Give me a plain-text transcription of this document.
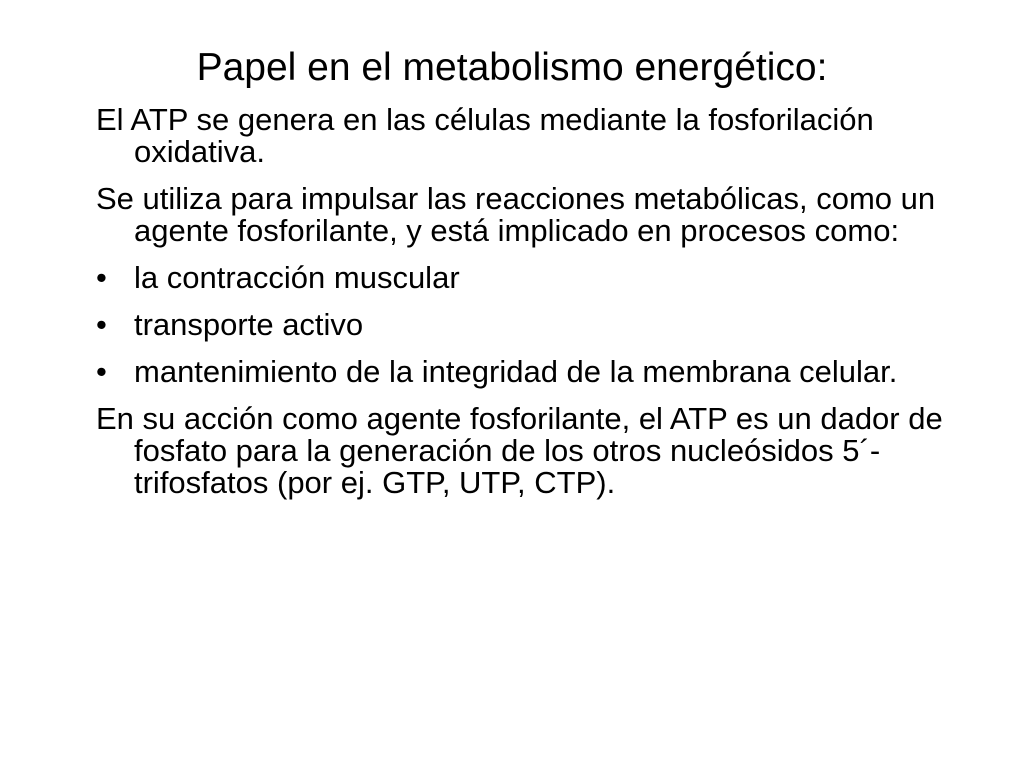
Papel en el metabolismo energético:
El ATP se genera en las células mediante la fosforilación oxidativa.
Se utiliza para impulsar las reacciones metabólicas, como un agente fosforilante, y está implicado en procesos como:
• la contracción muscular
• transporte activo
• mantenimiento de la integridad de la membrana celular.
En su acción como agente fosforilante, el ATP es un dador de fosfato para la generación de los otros nucleósidos 5´-trifosfatos (por ej. GTP, UTP, CTP).
